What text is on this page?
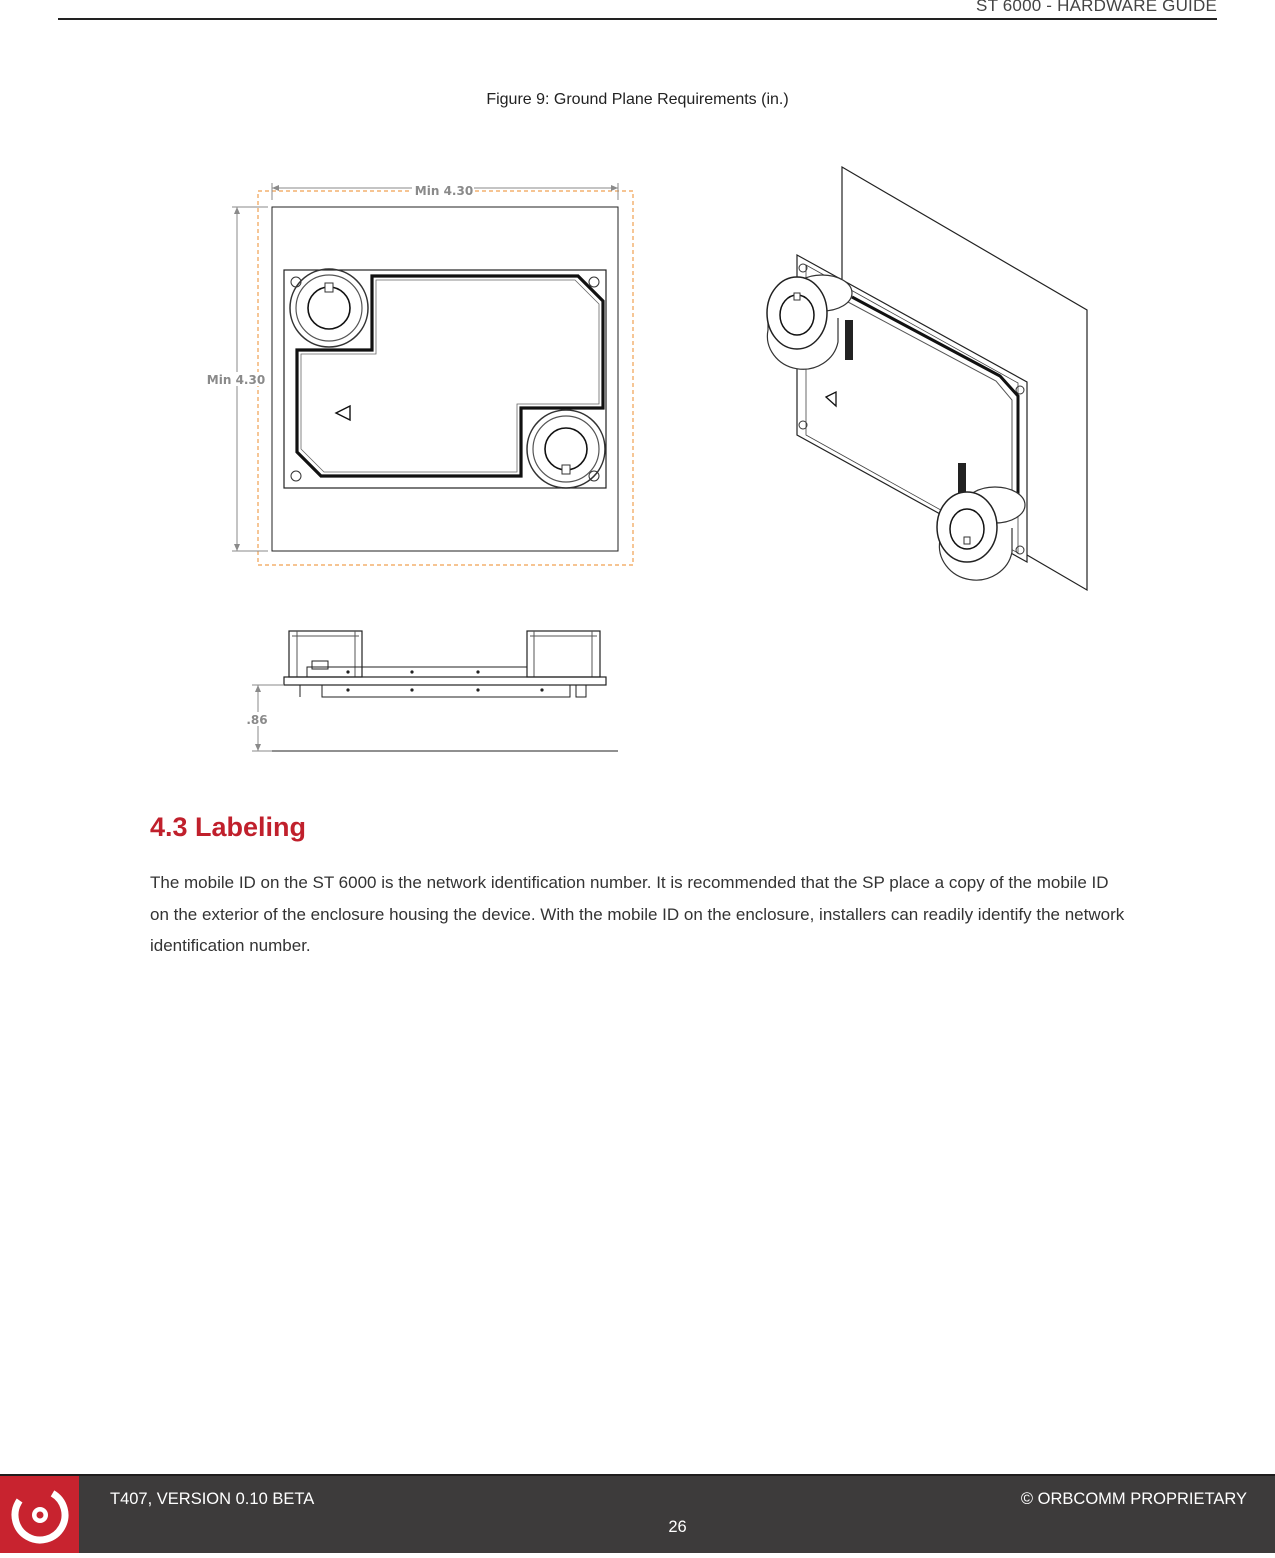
ST 6000 - HARDWARE GUIDE
Figure 9: Ground Plane Requirements (in.)
Min 4.30
Min 4.30
.86
4.3 Labeling

The mobile ID on the ST 6000 is the network identification number. It is recommended that the SP place a copy of the mobile ID on the exterior of the enclosure housing the device. With the mobile ID on the enclosure, installers can readily identify the network identification number.

T407, VERSION 0.10 BETA	© ORBCOMM PROPRIETARY
26
